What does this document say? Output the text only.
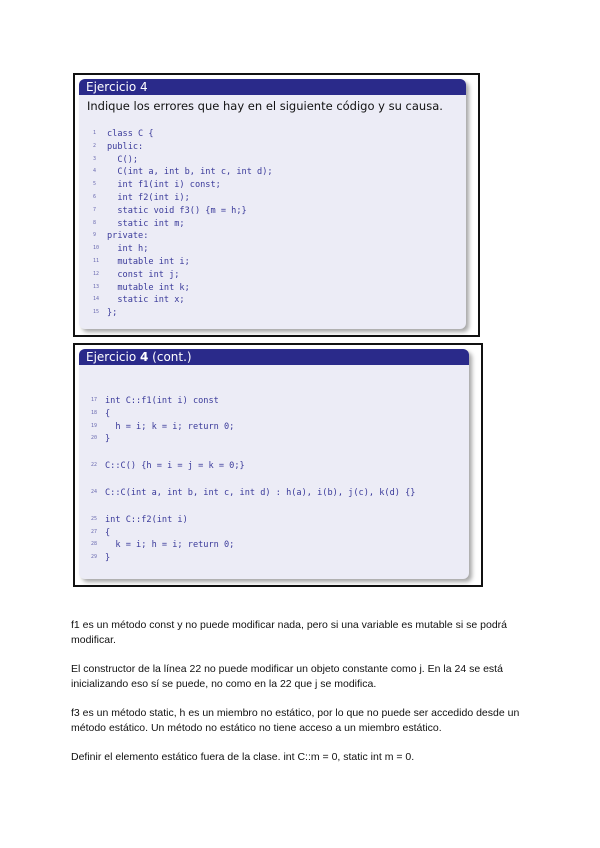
Ejercicio 4
Indique los errores que hay en el siguiente código y su causa.
1 class C {
2 public:
3  C();
4  C(int a, int b, int c, int d);
5  int f1(int i) const;
6  int f2(int i);
7  static void f3() {m = h;}
8  static int m;
9 private:
10  int h;
11  mutable int i;
12  const int j;
13  mutable int k;
14  static int x;
15 };
Ejercicio 4 (cont.)
17 int C::f1(int i) const
18 {
19  h = i; k = i; return 0;
20 }
22 C::C() {h = i = j = k = 0;}
24 C::C(int a, int b, int c, int d) : h(a), i(b), j(c), k(d) {}
25 int C::f2(int i)
27 {
28  k = i; h = i; return 0;
29 }

f1 es un método const y no puede modificar nada, pero si una variable es mutable si se podrá modificar.

El constructor de la línea 22 no puede modificar un objeto constante como j. En la 24 se está inicializando eso sí se puede, no como en la 22 que j se modifica.

f3 es un método static, h es un miembro no estático, por lo que no puede ser accedido desde un método estático. Un método no estático no tiene acceso a un miembro estático.

Definir el elemento estático fuera de la clase. int C::m = 0, static int m = 0.
